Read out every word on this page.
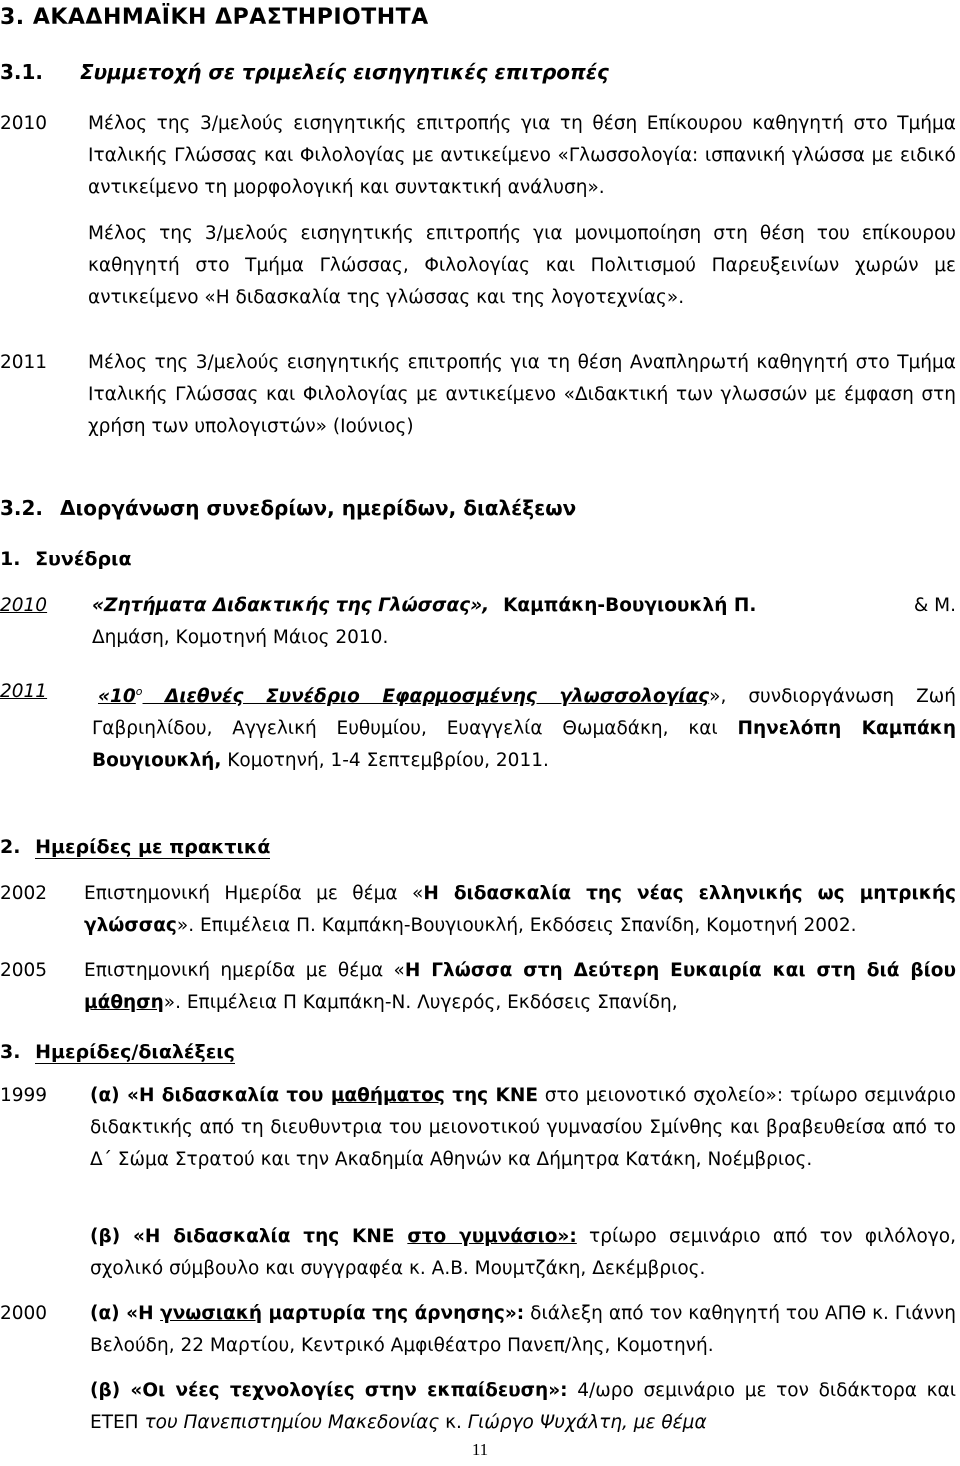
3. ΑΚΑΔΗΜΑΪΚΗ ΔΡΑΣΤΗΡΙΟΤΗΤΑ
3.1. Συμμετοχή σε τριμελείς εισηγητικές επιτροπές
2010 Μέλος της 3/μελούς εισηγητικής επιτροπής για τη θέση Επίκουρου καθηγητή στο Τμήμα Ιταλικής Γλώσσας και Φιλολογίας με αντικείμενο «Γλωσσολογία: ισπανική γλώσσα με ειδικό αντικείμενο τη μορφολογική και συντακτική ανάλυση».
Μέλος της 3/μελούς εισηγητικής επιτροπής για μονιμοποίηση στη θέση του επίκουρου καθηγητή στο Τμήμα Γλώσσας, Φιλολογίας και Πολιτισμού Παρευξεινίων χωρών με αντικείμενο «Η διδασκαλία της γλώσσας και της λογοτεχνίας».
2011 Μέλος της 3/μελούς εισηγητικής επιτροπής για τη θέση Αναπληρωτή καθηγητή στο Τμήμα Ιταλικής Γλώσσας και Φιλολογίας με αντικείμενο «Διδακτική των γλωσσών με έμφαση στη χρήση των υπολογιστών» (Ιούνιος)
3.2. Διοργάνωση συνεδρίων, ημερίδων, διαλέξεων
1. Συνέδρια
2010 «Ζητήματα Διδακτικής της Γλώσσας», Καμπάκη-Βουγιουκλή Π.	& Μ.
Δημάση, Κομοτηνή Μάιος 2010.
2011	«$10^o$ Διεθνές Συνέδριο Εφαρμοσμένης γλωσσολογίας», συνδιοργάνωση Ζωή Γαβριηλίδου, Αγγελική Ευθυμίου, Ευαγγελία Θωμαδάκη, και Πηνελόπη Καμπάκη Βουγιουκλή, Κομοτηνή, 1-4 Σεπτεμβρίου, 2011.
2. Ημερίδες με πρακτικά
2002 Επιστημονική Ημερίδα με θέμα «Η διδασκαλία της νέας ελληνικής ως μητρικής γλώσσας». Επιμέλεια Π. Καμπάκη-Βουγιουκλή, Εκδόσεις Σπανίδη, Κομοτηνή 2002.
2005 Επιστημονική ημερίδα με θέμα «Η Γλώσσα στη Δεύτερη Ευκαιρία και στη διά βίου μάθηση». Επιμέλεια Π Καμπάκη-Ν. Λυγερός, Εκδόσεις Σπανίδη,
3. Ημερίδες/διαλέξεις
1999 (α) «Η διδασκαλία του μαθήματος της ΚΝΕ στο μειονοτικό σχολείο»: τρίωρο σεμινάριο διδακτικής από τη διευθυντρια του μειονοτικού γυμνασίου Σμίνθης και βραβευθείσα από το Δ΄ Σώμα Στρατού και την Ακαδημία Αθηνών κα Δήμητρα Κατάκη, Νοέμβριος.
(β) «Η διδασκαλία της ΚΝΕ στο γυμνάσιο»: τρίωρο σεμινάριο από τον φιλόλογο, σχολικό σύμβουλο και συγγραφέα κ. Α.Β. Μουμτζάκη, Δεκέμβριος.
2000 (α) «Η γνωσιακή μαρτυρία της άρνησης»: διάλεξη από τον καθηγητή του ΑΠΘ κ. Γιάννη Βελούδη, 22 Μαρτίου, Κεντρικό Αμφιθέατρο Πανεπ/λης, Κομοτηνή.
(β) «Οι νέες τεχνολογίες στην εκπαίδευση»: 4/ωρο σεμινάριο με τον διδάκτορα και ΕΤΕΠ του Πανεπιστημίου Μακεδονίας κ. Γιώργο Ψυχάλτη, με θέμα
11
